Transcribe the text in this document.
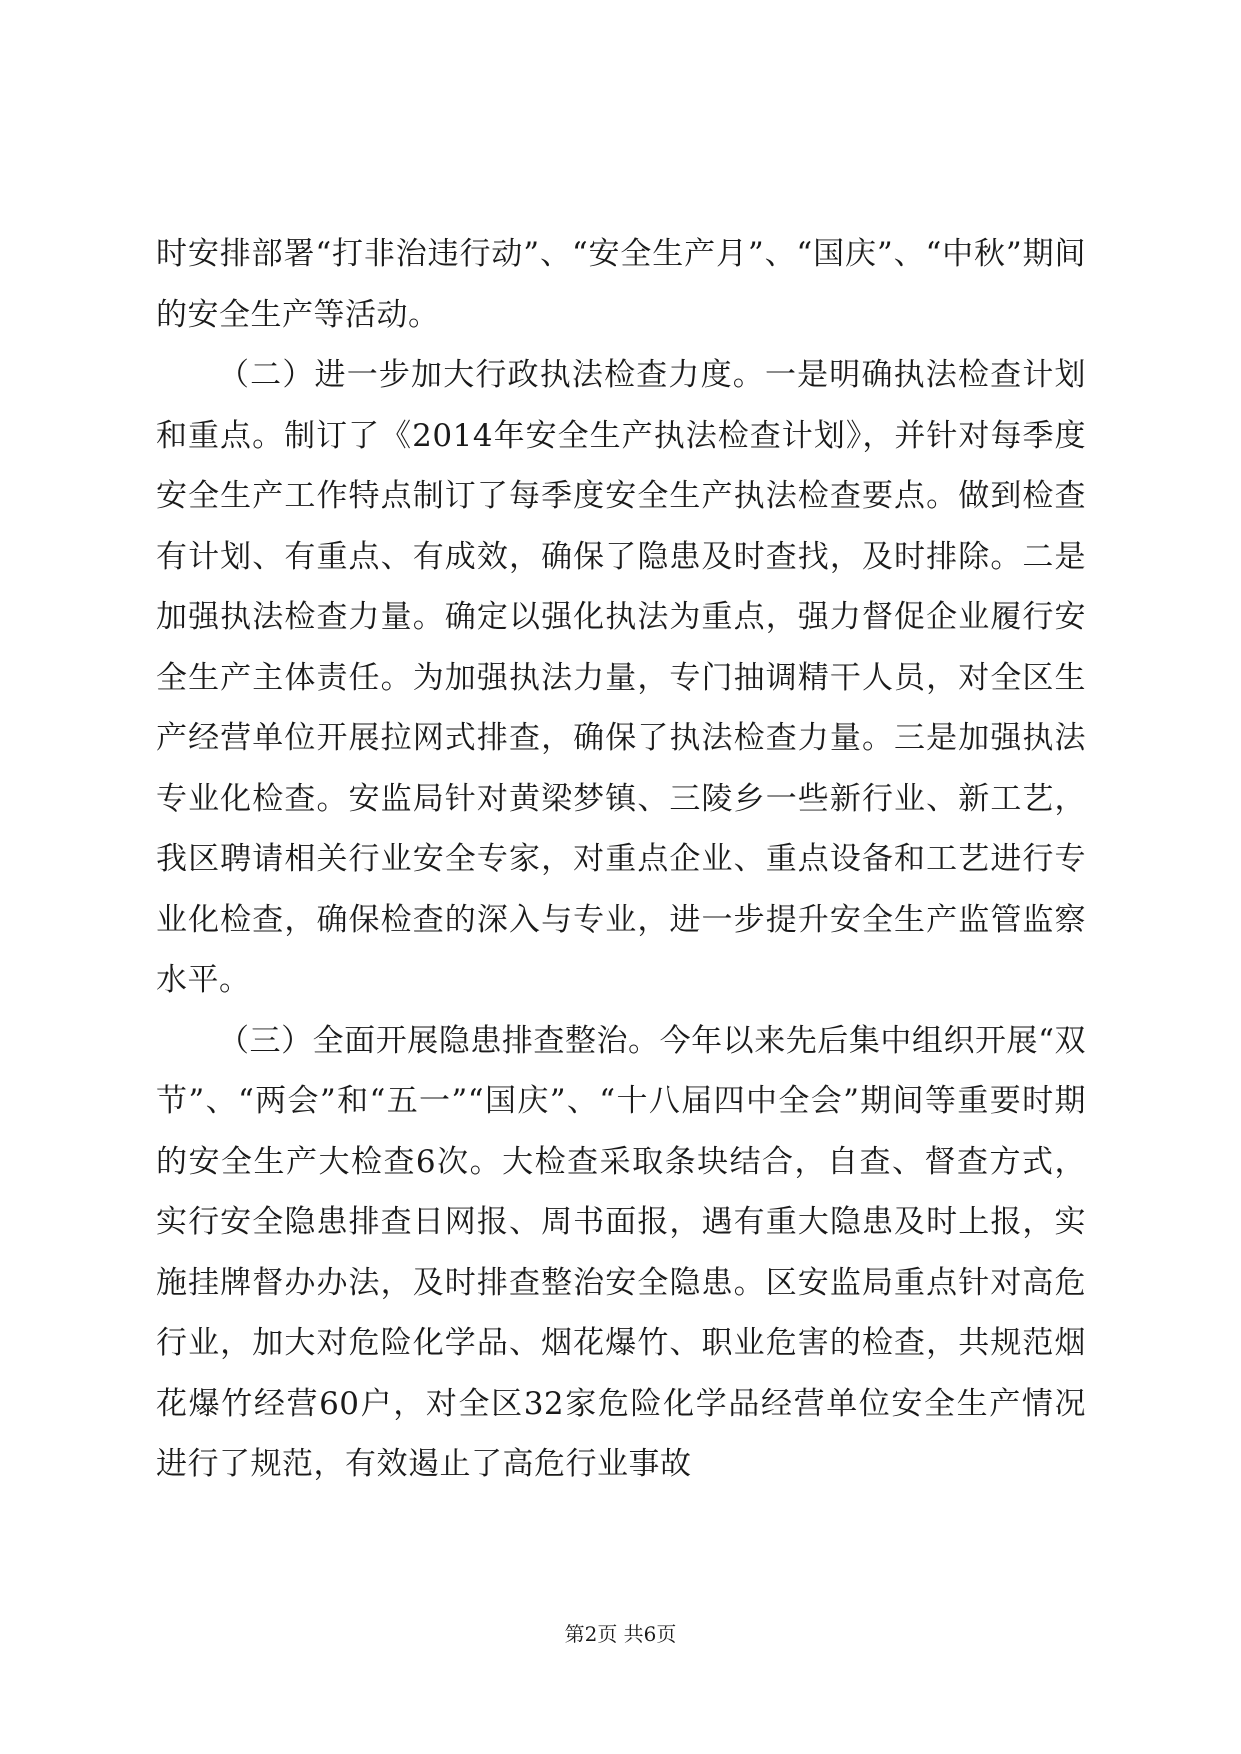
时安排部署“打非治违行动”、“安全生产月”、“国庆”、“中秋”期间的安全生产等活动。

（二）进一步加大行政执法检查力度。一是明确执法检查计划和重点。制订了《2014年安全生产执法检查计划》，并针对每季度安全生产工作特点制订了每季度安全生产执法检查要点。做到检查有计划、有重点、有成效，确保了隐患及时查找，及时排除。二是加强执法检查力量。确定以强化执法为重点，强力督促企业履行安全生产主体责任。为加强执法力量，专门抽调精干人员，对全区生产经营单位开展拉网式排查，确保了执法检查力量。三是加强执法专业化检查。安监局针对黄梁梦镇、三陵乡一些新行业、新工艺，我区聘请相关行业安全专家，对重点企业、重点设备和工艺进行专业化检查，确保检查的深入与专业，进一步提升安全生产监管监察水平。

（三）全面开展隐患排查整治。今年以来先后集中组织开展“双节”、“两会”和“五一”“国庆”、“十八届四中全会”期间等重要时期的安全生产大检查6次。大检查采取条块结合，自查、督查方式，实行安全隐患排查日网报、周书面报，遇有重大隐患及时上报，实施挂牌督办办法，及时排查整治安全隐患。区安监局重点针对高危行业，加大对危险化学品、烟花爆竹、职业危害的检查，共规范烟花爆竹经营60户，对全区32家危险化学品经营单位安全生产情况进行了规范，有效遏止了高危行业事故

第2页 共6页
